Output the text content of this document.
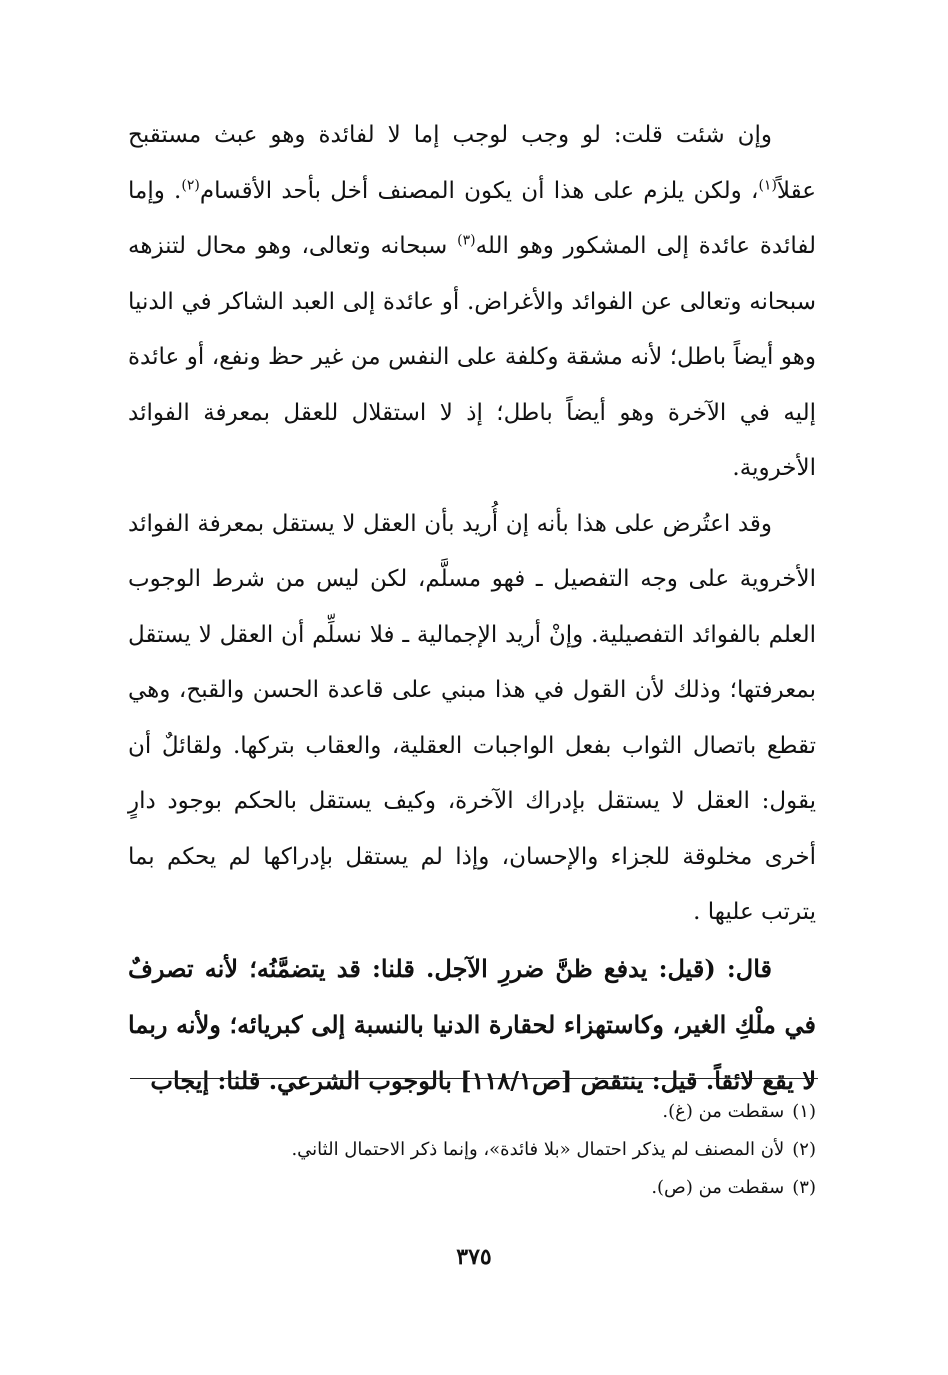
وإن شئت قلت: لو وجب لوجب إما لا لفائدة وهو عبث مستقبح عقلاً$^{(١)}$، ولكن يلزم على هذا أن يكون المصنف أخل بأحد الأقسام$^{(٢)}$. وإما لفائدة عائدة إلى المشكور وهو الله$^{(٣)}$ سبحانه وتعالى، وهو محال لتنزهه سبحانه وتعالى عن الفوائد والأغراض. أو عائدة إلى العبد الشاكر في الدنيا وهو أيضاً باطل؛ لأنه مشقة وكلفة على النفس من غير حظ ونفع، أو عائدة إليه في الآخرة وهو أيضاً باطل؛ إذ لا استقلال للعقل بمعرفة الفوائد الأخروية.

وقد اعتُرض على هذا بأنه إن أُريد بأن العقل لا يستقل بمعرفة الفوائد الأخروية على وجه التفصيل ـ فهو مسلَّم، لكن ليس من شرط الوجوب العلم بالفوائد التفصيلية. وإنْ أريد الإجمالية ـ فلا نسلِّم أن العقل لا يستقل بمعرفتها؛ وذلك لأن القول في هذا مبني على قاعدة الحسن والقبح، وهي تقطع باتصال الثواب بفعل الواجبات العقلية، والعقاب بتركها. ولقائلٌ أن يقول: العقل لا يستقل بإدراك الآخرة، وكيف يستقل بالحكم بوجود دارٍ أخرى مخلوقة للجزاء والإحسان، وإذا لم يستقل بإدراكها لم يحكم بما يترتب عليها .

قال: (قيل: يدفع ظنَّ ضررِ الآجل. قلنا: قد يتضمَّنُه؛ لأنه تصرفٌ في ملْكِ الغير، وكاستهزاء لحقارة الدنيا بالنسبة إلى كبريائه؛ ولأنه ربما لا يقع لائقاً. قيل: ينتقض [ص١١٨/١] بالوجوب الشرعي. قلنا: إيجاب

(١)سقطت من (غ).

(٢)لأن المصنف لم يذكر احتمال «بلا فائدة»، وإنما ذكر الاحتمال الثاني.

(٣)سقطت من (ص).

٣٧٥
